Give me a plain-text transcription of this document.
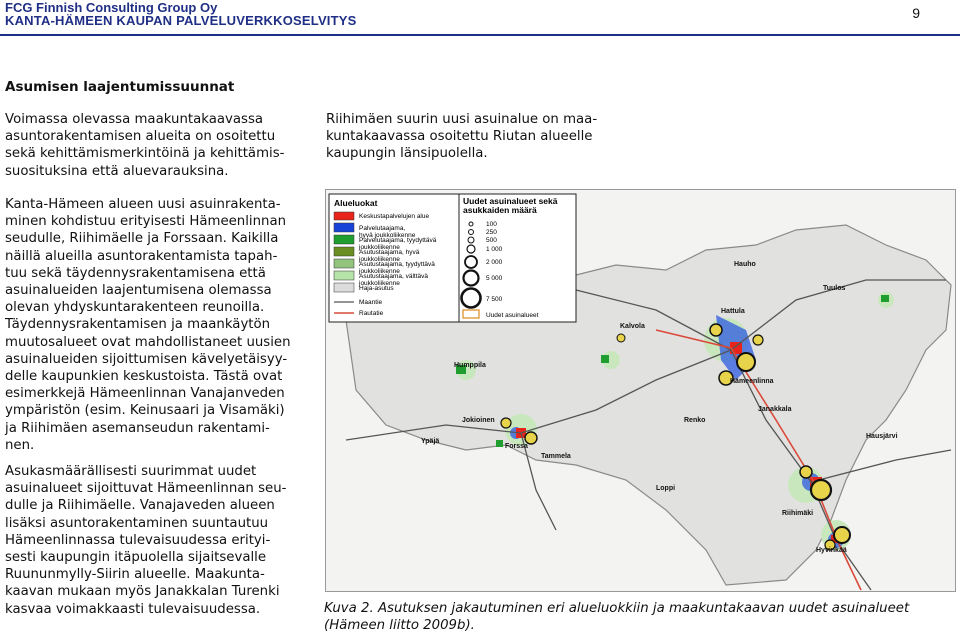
FCG Finnish Consulting Group Oy
KANTA-HÄMEEN KAUPAN PALVELUVERKKOSELVITYS	9
Asumisen laajentumissuunnat
Voimassa olevassa maakuntakaavassa
asuntorakentamisen alueita on osoitettu
sekä kehittämismerkintöinä ja kehittämis-
suosituksina että aluevarauksina.
Kanta-Hämeen alueen uusi asuinrakenta-
minen kohdistuu erityisesti Hämeenlinnan
seudulle, Riihimäelle ja Forssaan. Kaikilla
näillä alueilla asuntorakentamista tapah-
tuu sekä täydennysrakentamisena että
asuinalueiden laajentumisena olemassa
olevan yhdyskuntarakenteen reunoilla.
Täydennysrakentamisen ja maankäytön
muutosalueet ovat mahdollistaneet uusien
asuinalueiden sijoittumisen kävelyetäisyy-
delle kaupunkien keskustoista. Tästä ovat
esimerkkejä Hämeenlinnan Vanajanveden
ympäristön (esim. Keinusaari ja Visamäki)
ja Riihimäen asemanseudun rakentami-
nen.
Asukasmäärällisesti suurimmat uudet
asuinalueet sijoittuvat Hämeenlinnan seu-
dulle ja Riihimäelle. Vanajaveden alueen
lisäksi asuntorakentaminen suuntautuu
Hämeenlinnassa tulevaisuudessa erityi-
sesti kaupungin itäpuolella sijaitsevalle
Ruununmylly-Siirin alueelle. Maakunta-
kaavan mukaan myös Janakkalan Turenki
kasvaa voimakkaasti tulevaisuudessa.
Riihimäen suurin uusi asuinalue on maa-
kuntakaavassa osoitettu Riutan alueelle
kaupungin länsipuolella.
Hattula
Hauho
Tuulos
Humppila
Kalvola
Hämeenlinna
Jokioinen	Renko
Janakkala
Ypäjä
Forssa
Tammela
Hausjärvi
Riihimäki
Hyvinkää
Loppi
Alueluokat
Keskustapalvelujen alue
Palvelutaajama, hyvä joukkoliikenne
Palvelutaajama, tyydyttävä joukkoliikenne
Asutustaajama, hyvä joukkoliikenne
Asutustaajama, tyydyttävä joukkoliikenne
Asutustaajama, välttävä joukkoliikenne
Haja-asutus
Maantie
Rautatie
Uudet asuinalueet sekä asukkaiden määrä
100
250
500
1 000
2 000
5 000
7 500
Uudet asuinalueet
Kuva 2. Asutuksen jakautuminen eri alueluokkiin ja maakuntakaavan uudet asuinalueet
(Hämeen liitto 2009b).
